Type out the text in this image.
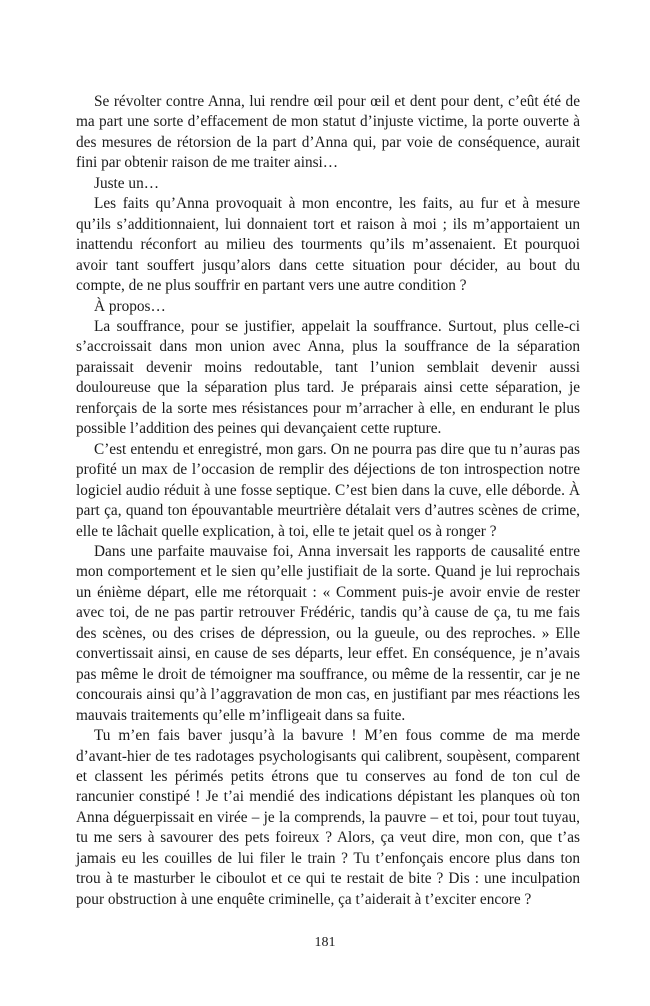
Se révolter contre Anna, lui rendre œil pour œil et dent pour dent, c’eût été de ma part une sorte d’effacement de mon statut d’injuste victime, la porte ouverte à des mesures de rétorsion de la part d’Anna qui, par voie de conséquence, aurait fini par obtenir raison de me traiter ainsi…

Juste un…

Les faits qu’Anna provoquait à mon encontre, les faits, au fur et à mesure qu’ils s’additionnaient, lui donnaient tort et raison à moi ; ils m’apportaient un inattendu réconfort au milieu des tourments qu’ils m’assenaient. Et pourquoi avoir tant souffert jusqu’alors dans cette situation pour décider, au bout du compte, de ne plus souffrir en partant vers une autre condition ?

À propos…

La souffrance, pour se justifier, appelait la souffrance. Surtout, plus celle-ci s’accroissait dans mon union avec Anna, plus la souffrance de la séparation paraissait devenir moins redoutable, tant l’union semblait devenir aussi douloureuse que la séparation plus tard. Je préparais ainsi cette séparation, je renforçais de la sorte mes résistances pour m’arracher à elle, en endurant le plus possible l’addition des peines qui devançaient cette rupture.

C’est entendu et enregistré, mon gars. On ne pourra pas dire que tu n’auras pas profité un max de l’occasion de remplir des déjections de ton introspection notre logiciel audio réduit à une fosse septique. C’est bien dans la cuve, elle déborde. À part ça, quand ton épouvantable meurtrière détalait vers d’autres scènes de crime, elle te lâchait quelle explication, à toi, elle te jetait quel os à ronger ?

Dans une parfaite mauvaise foi, Anna inversait les rapports de causalité entre mon comportement et le sien qu’elle justifiait de la sorte. Quand je lui reprochais un énième départ, elle me rétorquait : « Comment puis-je avoir envie de rester avec toi, de ne pas partir retrouver Frédéric, tandis qu’à cause de ça, tu me fais des scènes, ou des crises de dépression, ou la gueule, ou des reproches. » Elle convertissait ainsi, en cause de ses départs, leur effet. En conséquence, je n’avais pas même le droit de témoigner ma souffrance, ou même de la ressentir, car je ne concourais ainsi qu’à l’aggravation de mon cas, en justifiant par mes réactions les mauvais traitements qu’elle m’infligeait dans sa fuite.

Tu m’en fais baver jusqu’à la bavure ! M’en fous comme de ma merde d’avant-hier de tes radotages psychologisants qui calibrent, soupèsent, comparent et classent les périmés petits étrons que tu conserves au fond de ton cul de rancunier constipé ! Je t’ai mendié des indications dépistant les planques où ton Anna déguerpissait en virée – je la comprends, la pauvre – et toi, pour tout tuyau, tu me sers à savourer des pets foireux ? Alors, ça veut dire, mon con, que t’as jamais eu les couilles de lui filer le train ? Tu t’enfonçais encore plus dans ton trou à te masturber le ciboulot et ce qui te restait de bite ? Dis : une inculpation pour obstruction à une enquête criminelle, ça t’aiderait à t’exciter encore ?

181
